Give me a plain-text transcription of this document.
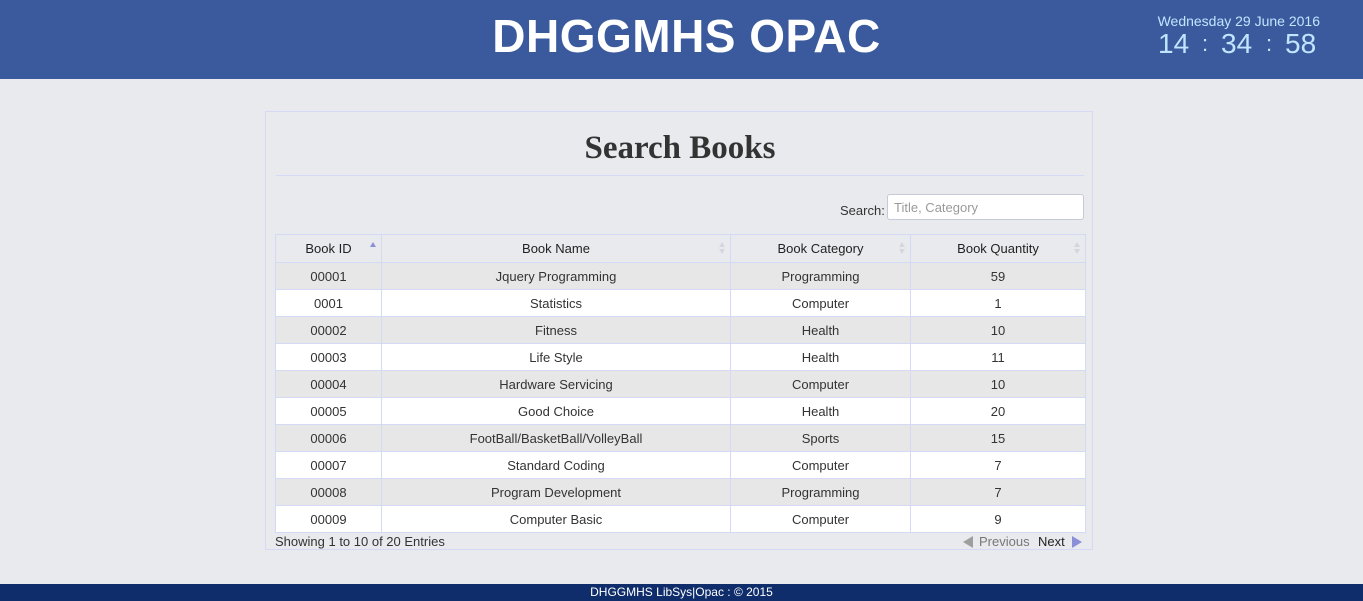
DHGGMHS OPAC	Wednesday 29 June 2016
14 : 34 : 58
Search Books
Search:
Title, Category
Book ID	Book Name	Book Category	Book Quantity

00001	Jquery Programming	Programming	59
0001	Statistics	Computer	1
00002	Fitness	Health	10
00003	Life Style	Health	11
00004	Hardware Servicing	Computer	10
00005	Good Choice	Health	20
00006	FootBall/BasketBall/VolleyBall	Sports	15
00007	Standard Coding	Computer	7
00008	Program Development	Programming	7
00009	Computer Basic	Computer	9
Showing 1 to 10 of 20 Entries	Previous Next
DHGGMHS LibSys|Opac : © 2015
